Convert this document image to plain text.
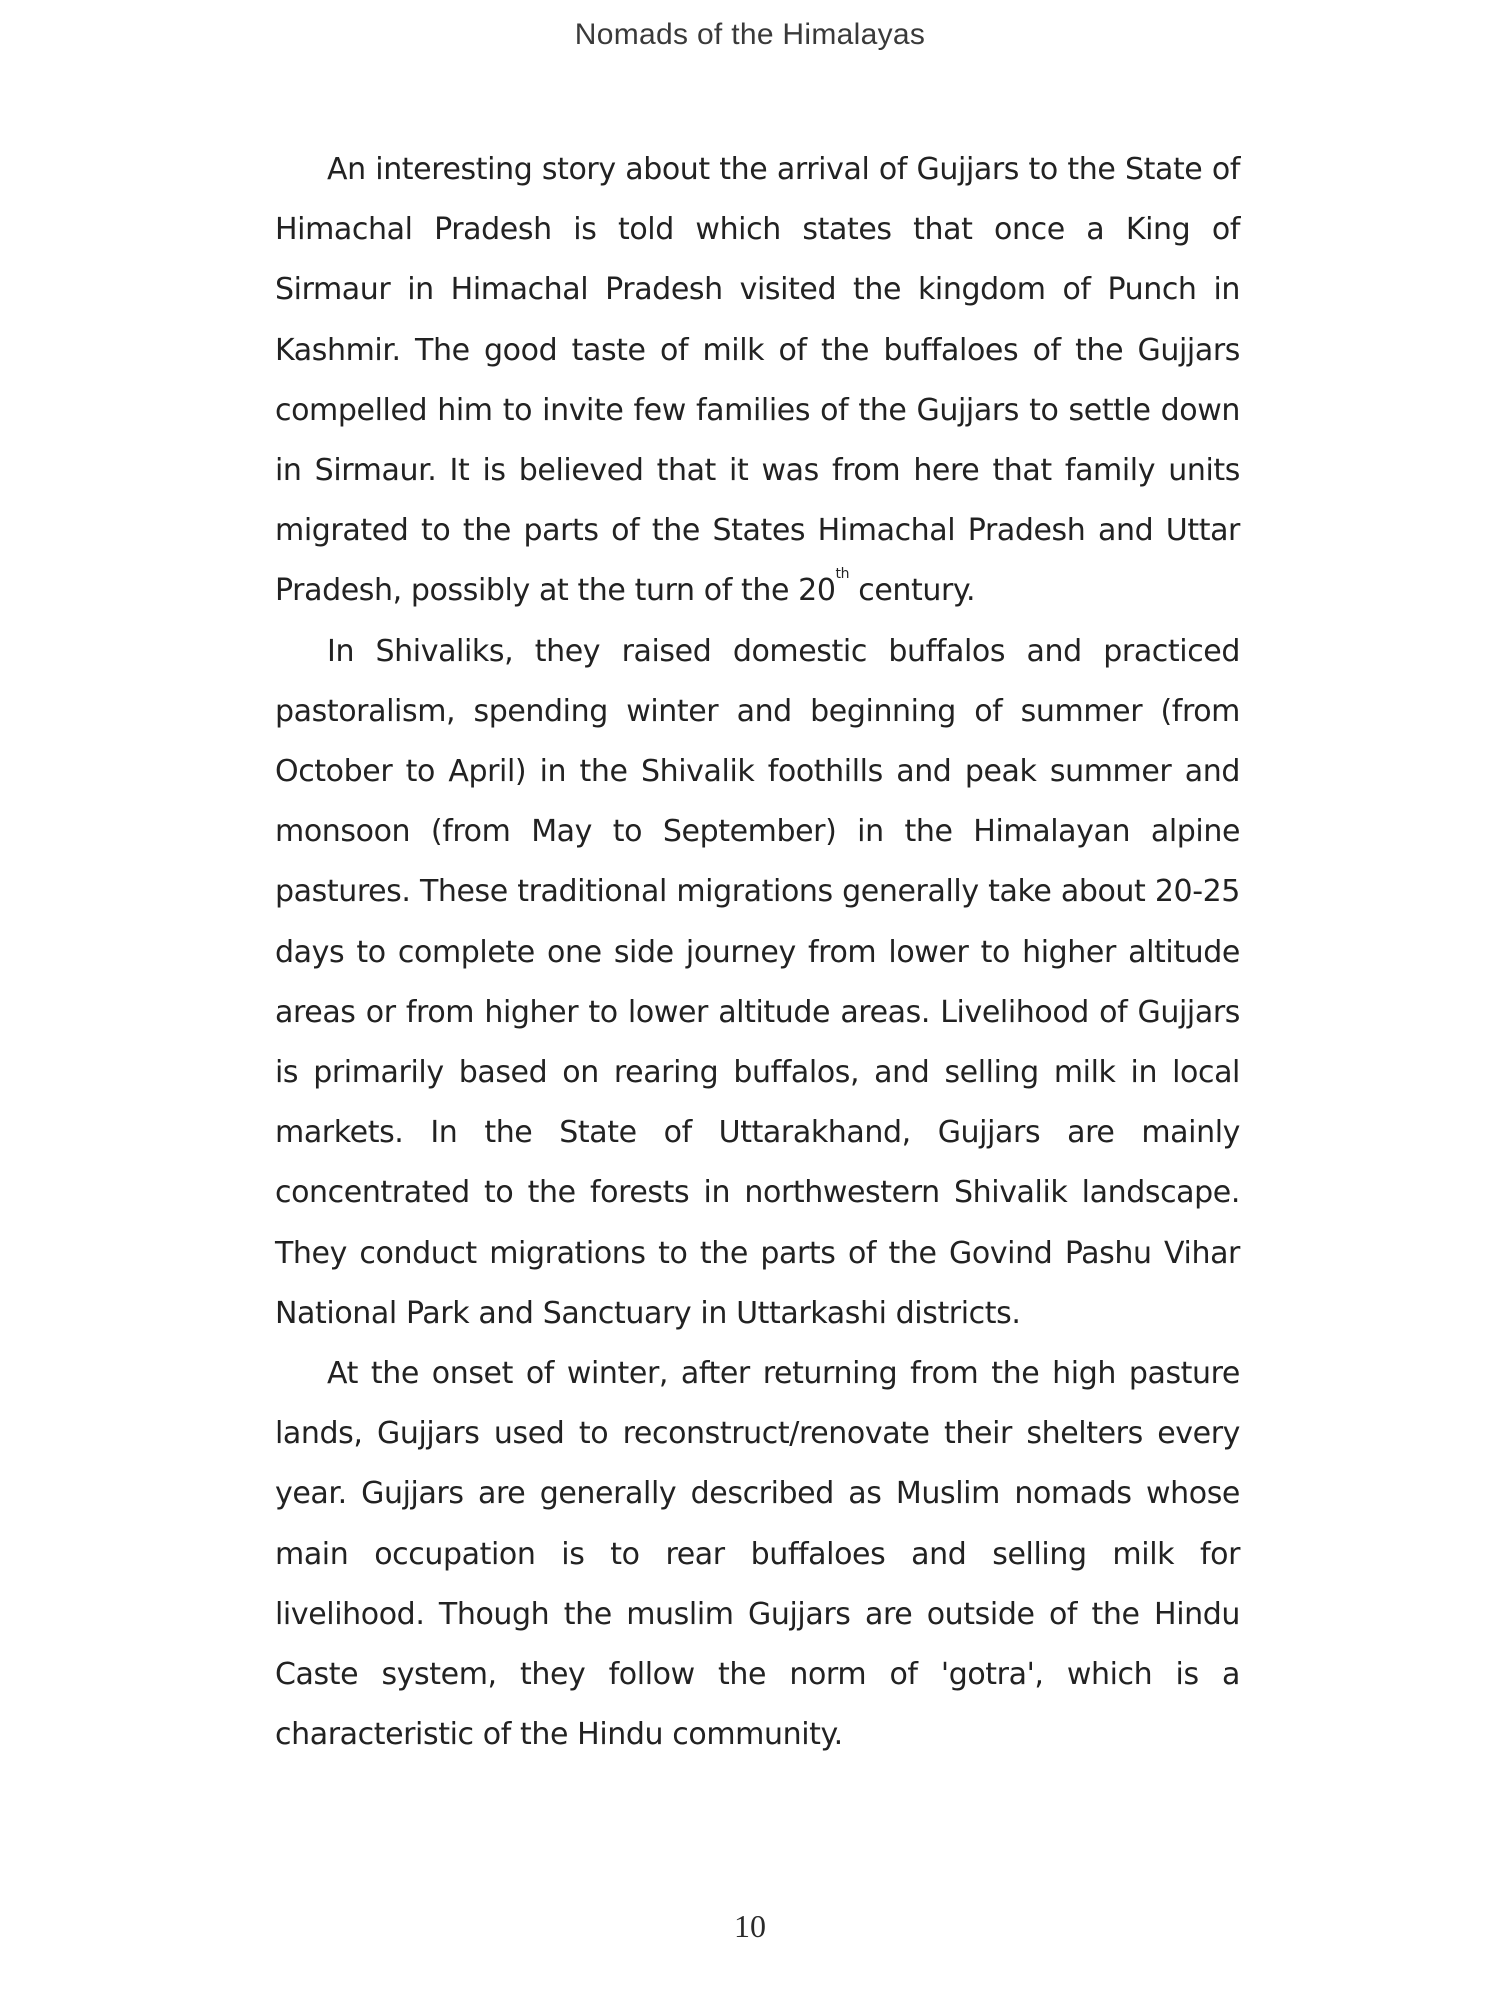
Nomads of the Himalayas

An interesting story about the arrival of Gujjars to the State of Himachal Pradesh is told which states that once a King of Sirmaur in Himachal Pradesh visited the kingdom of Punch in Kashmir. The good taste of milk of the buffaloes of the Gujjars compelled him to invite few families of the Gujjars to settle down in Sirmaur. It is believed that it was from here that family units migrated to the parts of the States Himachal Pradesh and Uttar Pradesh, possibly at the turn of the 20th century.

In Shivaliks, they raised domestic buffalos and practiced pastoralism, spending winter and beginning of summer (from October to April) in the Shivalik foothills and peak summer and monsoon (from May to September) in the Himalayan alpine pastures. These traditional migrations generally take about 20-25 days to complete one side journey from lower to higher altitude areas or from higher to lower altitude areas. Livelihood of Gujjars is primarily based on rearing buffalos, and selling milk in local markets. In the State of Uttarakhand, Gujjars are mainly concentrated to the forests in northwestern Shivalik landscape. They conduct migrations to the parts of the Govind Pashu Vihar National Park and Sanctuary in Uttarkashi districts.

At the onset of winter, after returning from the high pasture lands, Gujjars used to reconstruct/renovate their shelters every year. Gujjars are generally described as Muslim nomads whose main occupation is to rear buffaloes and selling milk for livelihood. Though the muslim Gujjars are outside of the Hindu Caste system, they follow the norm of 'gotra', which is a characteristic of the Hindu community.

10
